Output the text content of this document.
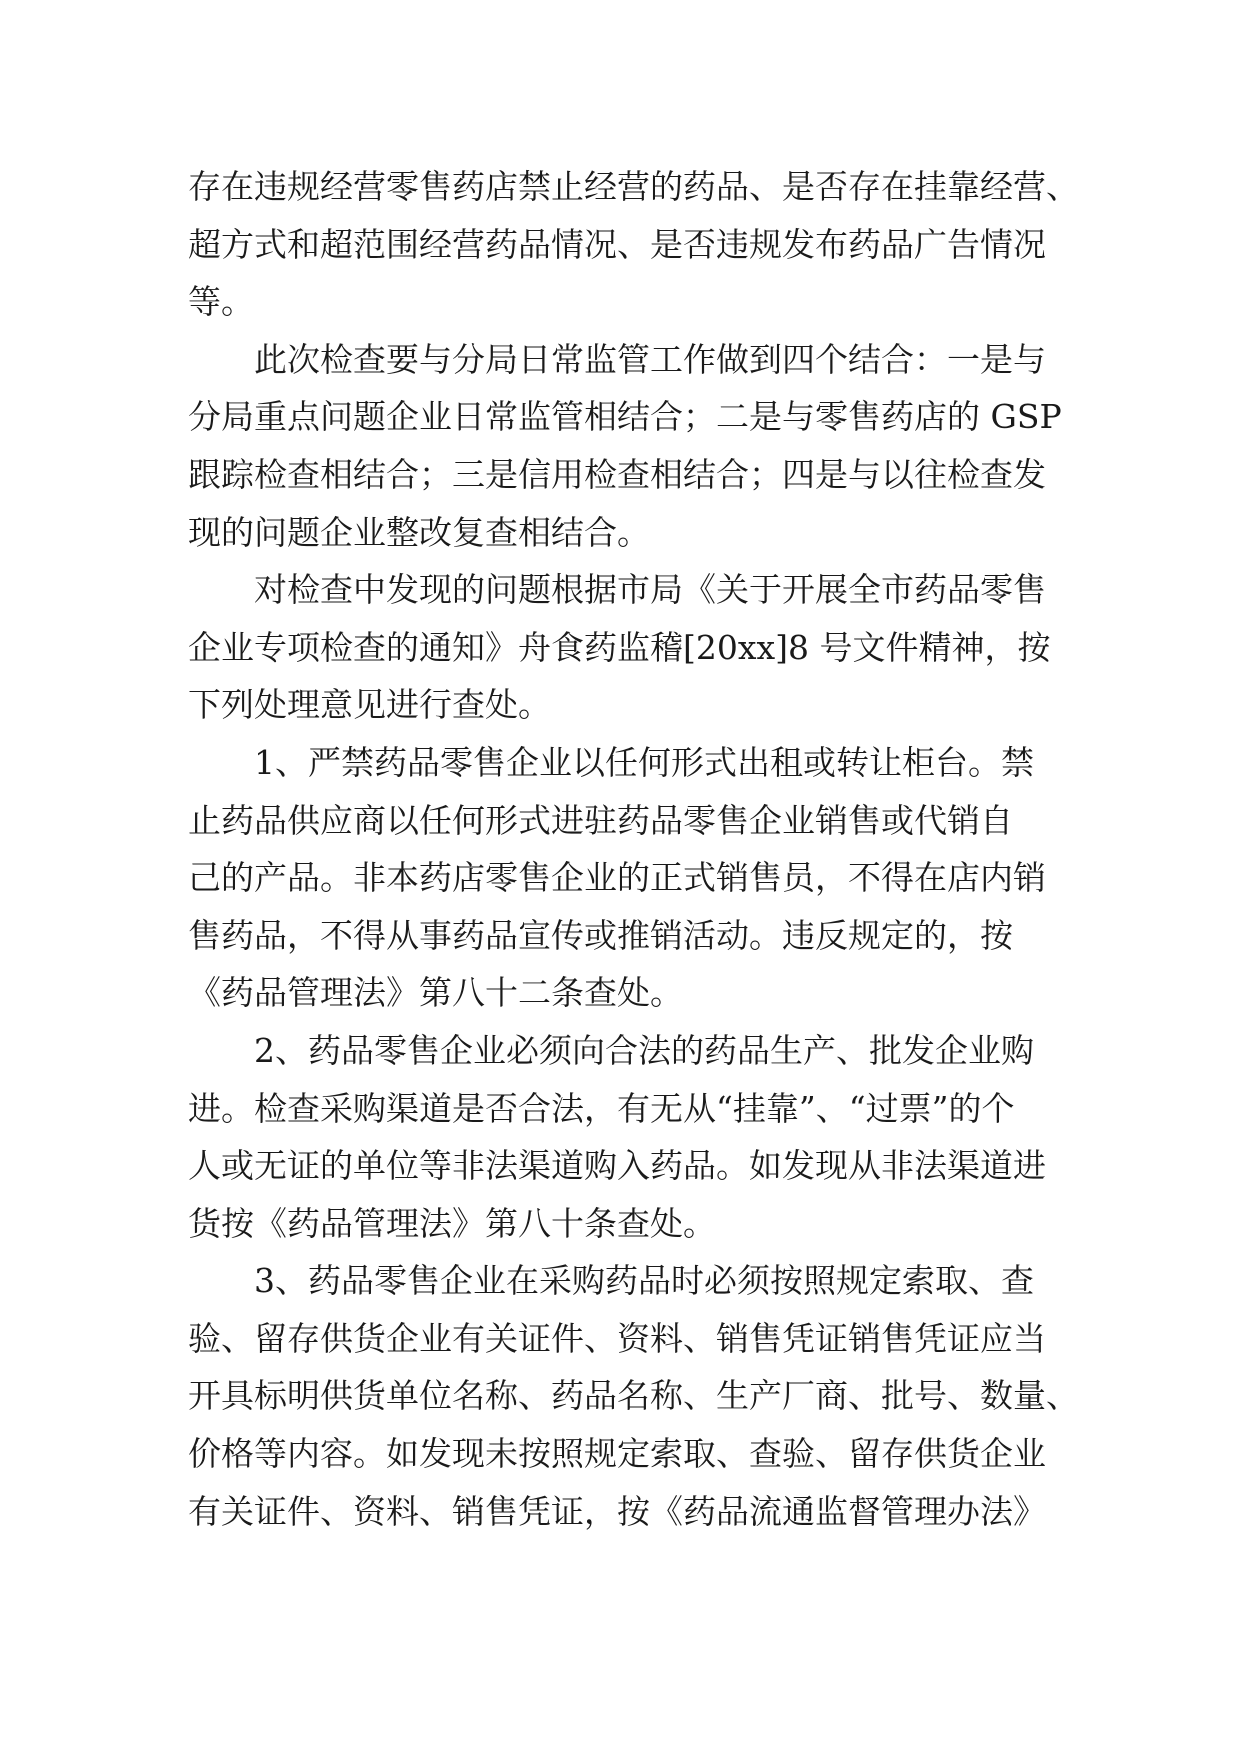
存在违规经营零售药店禁止经营的药品、是否存在挂靠经营、
超方式和超范围经营药品情况、是否违规发布药品广告情况
等。
此次检查要与分局日常监管工作做到四个结合：一是与
分局重点问题企业日常监管相结合；二是与零售药店的 GSP
跟踪检查相结合；三是信用检查相结合；四是与以往检查发
现的问题企业整改复查相结合。
对检查中发现的问题根据市局《关于开展全市药品零售
企业专项检查的通知》舟食药监稽[20xx]8 号文件精神，按
下列处理意见进行查处。
1、严禁药品零售企业以任何形式出租或转让柜台。禁
止药品供应商以任何形式进驻药品零售企业销售或代销自
己的产品。非本药店零售企业的正式销售员，不得在店内销
售药品，不得从事药品宣传或推销活动。违反规定的，按
《药品管理法》第八十二条查处。
2、药品零售企业必须向合法的药品生产、批发企业购
进。检查采购渠道是否合法，有无从“挂靠”、“过票”的个
人或无证的单位等非法渠道购入药品。如发现从非法渠道进
货按《药品管理法》第八十条查处。
3、药品零售企业在采购药品时必须按照规定索取、查
验、留存供货企业有关证件、资料、销售凭证销售凭证应当
开具标明供货单位名称、药品名称、生产厂商、批号、数量、
价格等内容。如发现未按照规定索取、查验、留存供货企业
有关证件、资料、销售凭证，按《药品流通监督管理办法》
